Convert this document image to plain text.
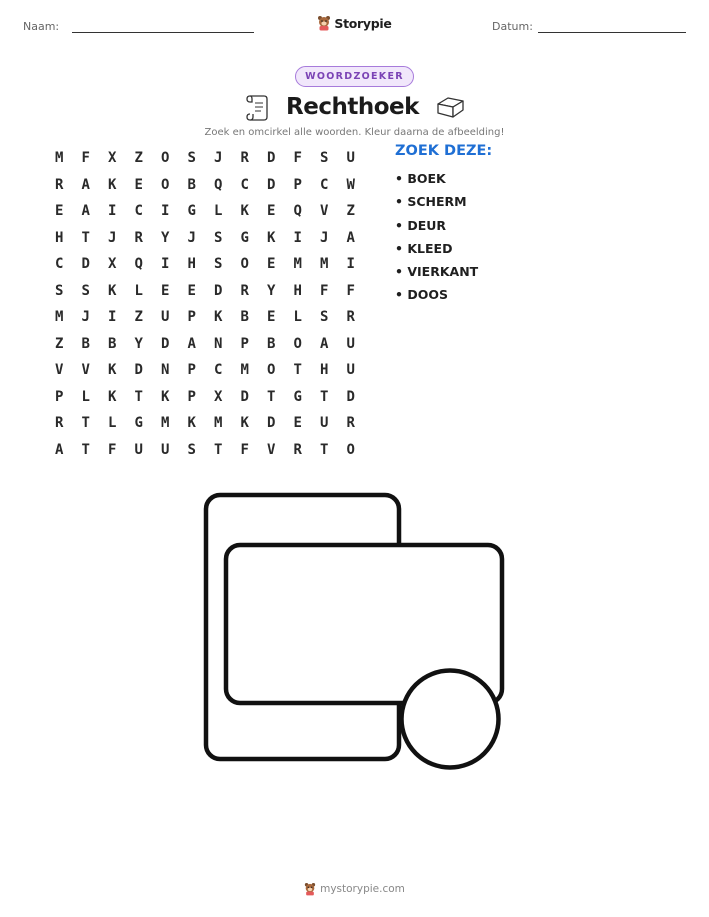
Naam:	Storypie	Datum:
WOORDZOEKER
Rechthoek
Zoek en omcirkel alle woorden. Kleur daarna de afbeelding!
M	F	X	Z	O	S	J	R	D	F	S	U
R	A	K	E	O	B	Q	C	D	P	C	W
E	A	I	C	I	G	L	K	E	Q	V	Z
H	T	J	R	Y	J	S	G	K	I	J	A
C	D	X	Q	I	H	S	O	E	M	M	I
S	S	K	L	E	E	D	R	Y	H	F	F
M	J	I	Z	U	P	K	B	E	L	S	R
Z	B	B	Y	D	A	N	P	B	O	A	U
V	V	K	D	N	P	C	M	O	T	H	U
P	L	K	T	K	P	X	D	T	G	T	D
R	T	L	G	M	K	M	K	D	E	U	R
A	T	F	U	U	S	T	F	V	R	T	O
ZOEK DEZE:
• BOEK
• SCHERM
• DEUR
• KLEED
• VIERKANT
• DOOS
mystorypie.com
